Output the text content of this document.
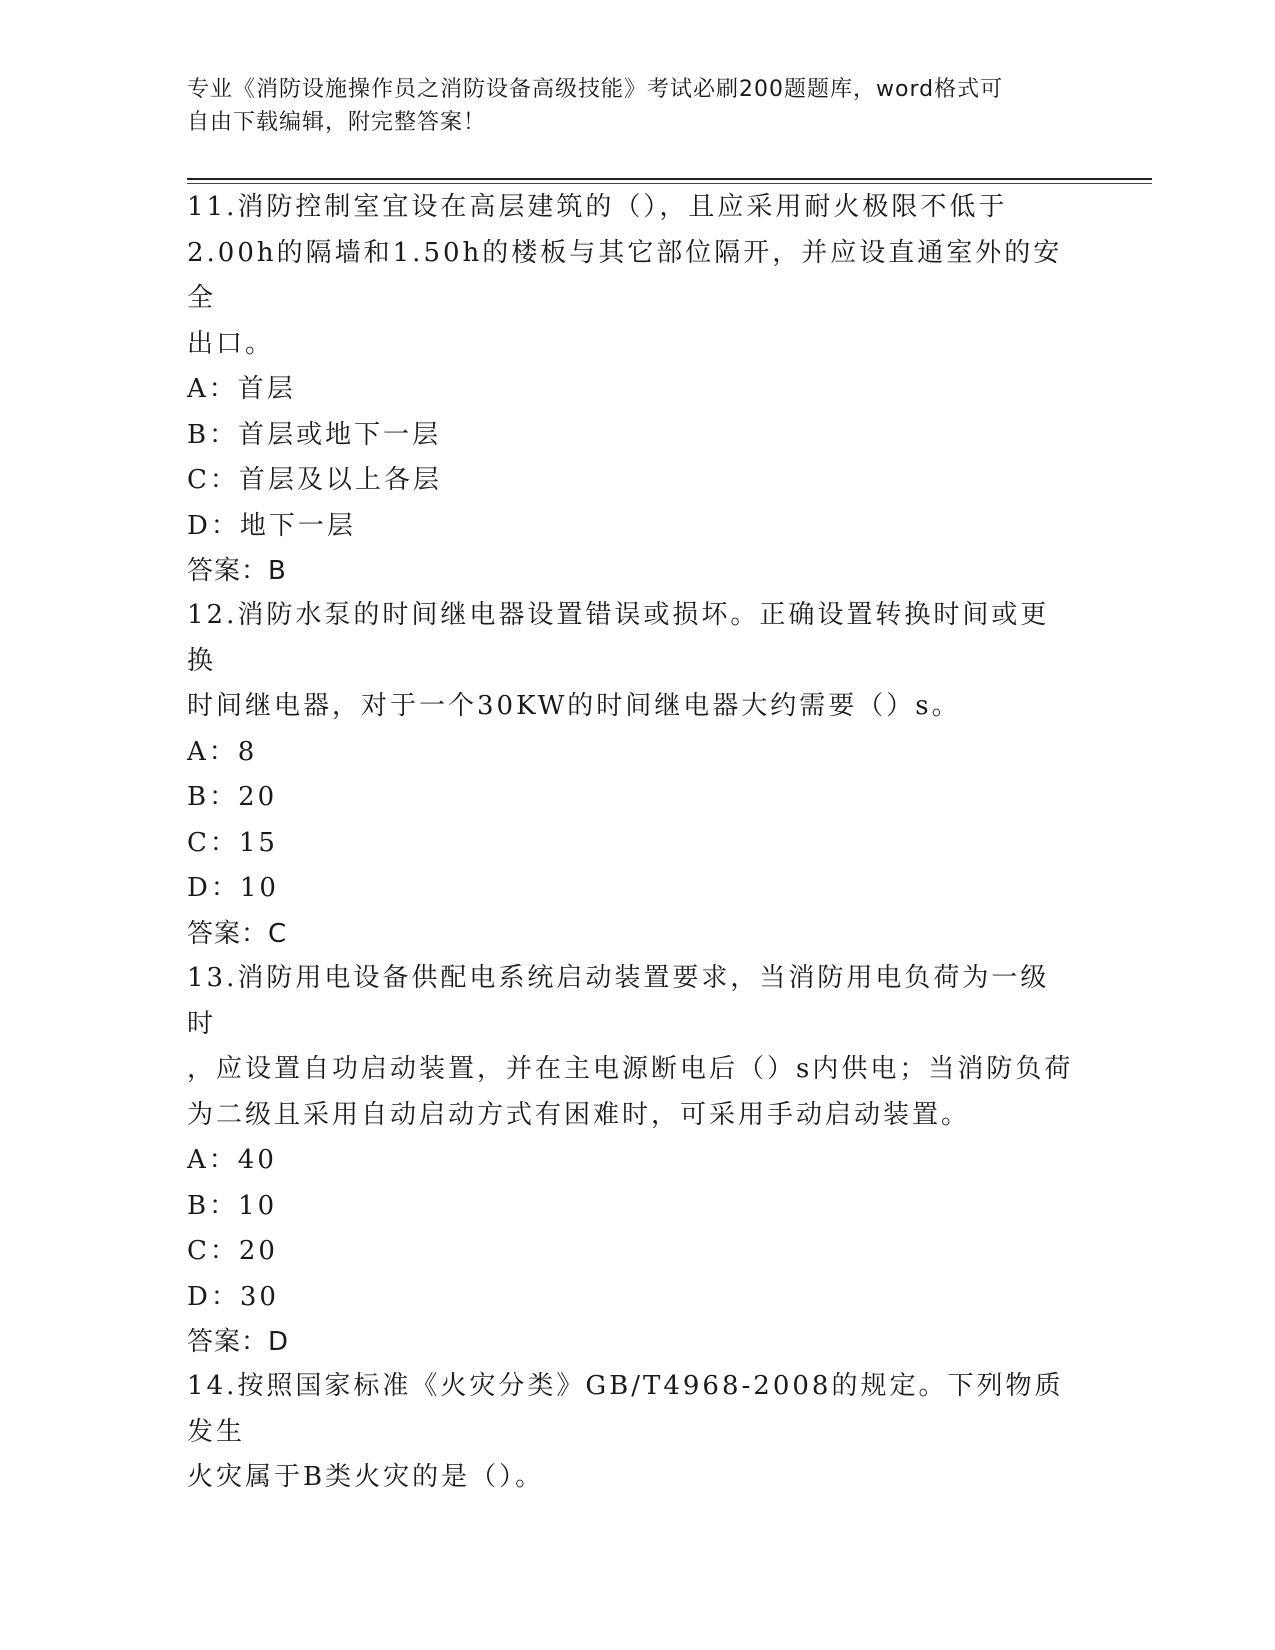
专业《消防设施操作员之消防设备高级技能》考试必刷200题题库，word格式可
自由下载编辑，附完整答案！
11.消防控制室宜设在高层建筑的（），且应采用耐火极限不低于
2.00h的隔墙和1.50h的楼板与其它部位隔开，并应设直通室外的安全
出口。
A：首层
B：首层或地下一层
C：首层及以上各层
D：地下一层
答案：B
12.消防水泵的时间继电器设置错误或损坏。正确设置转换时间或更换
时间继电器，对于一个30KW的时间继电器大约需要（）s。
A：8
B：20
C：15
D：10
答案：C
13.消防用电设备供配电系统启动装置要求，当消防用电负荷为一级时
，应设置自功启动装置，并在主电源断电后（）s内供电；当消防负荷
为二级且采用自动启动方式有困难时，可采用手动启动装置。
A：40
B：10
C：20
D：30
答案：D
14.按照国家标准《火灾分类》GB/T4968-2008的规定。下列物质发生
火灾属于B类火灾的是（）。
